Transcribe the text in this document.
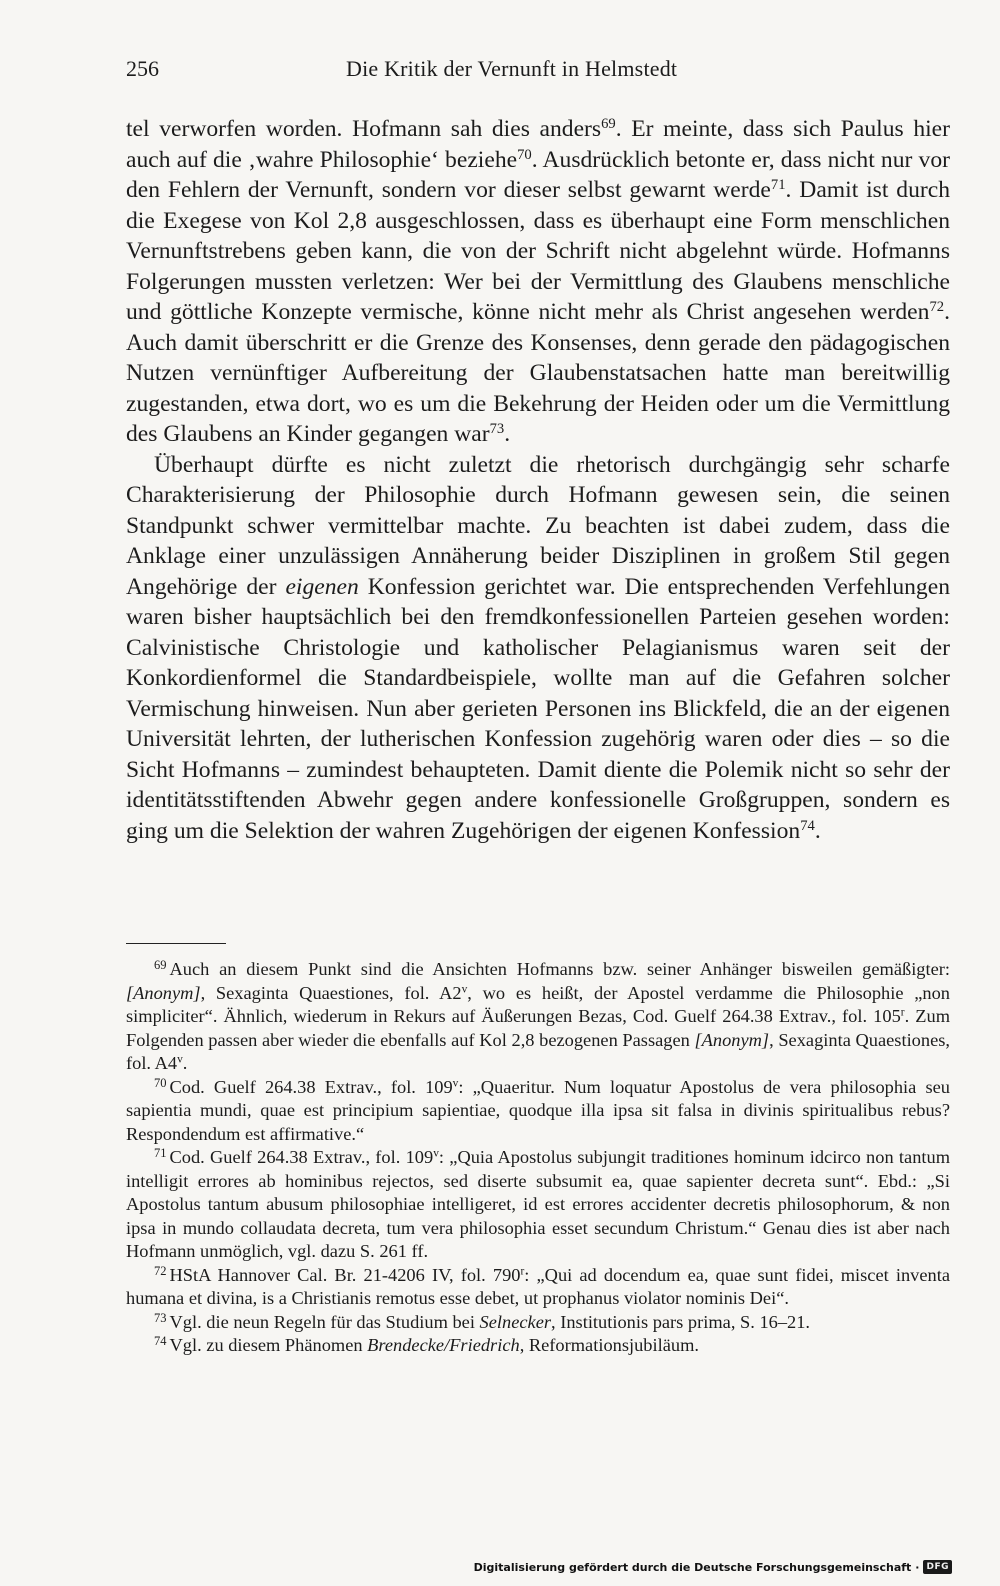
256	Die Kritik der Vernunft in Helmstedt

tel verworfen worden. Hofmann sah dies anders$^{69}$. Er meinte, dass sich Paulus hier auch auf die ‚wahre Philosophie‘ beziehe$^{70}$. Ausdrücklich betonte er, dass nicht nur vor den Fehlern der Vernunft, sondern vor dieser selbst gewarnt werde$^{71}$. Damit ist durch die Exegese von Kol 2,8 ausgeschlossen, dass es überhaupt eine Form menschlichen Vernunftstrebens geben kann, die von der Schrift nicht abgelehnt würde. Hofmanns Folgerungen mussten verletzen: Wer bei der Vermittlung des Glaubens menschliche und göttliche Konzepte vermische, könne nicht mehr als Christ angesehen werden$^{72}$. Auch damit überschritt er die Grenze des Konsenses, denn gerade den pädagogischen Nutzen vernünftiger Aufbereitung der Glaubenstatsachen hatte man bereitwillig zugestanden, etwa dort, wo es um die Bekehrung der Heiden oder um die Vermittlung des Glaubens an Kinder gegangen war$^{73}$.

Überhaupt dürfte es nicht zuletzt die rhetorisch durchgängig sehr scharfe Charakterisierung der Philosophie durch Hofmann gewesen sein, die seinen Standpunkt schwer vermittelbar machte. Zu beachten ist dabei zudem, dass die Anklage einer unzulässigen Annäherung beider Disziplinen in großem Stil gegen Angehörige der eigenen Konfession gerichtet war. Die entsprechenden Verfehlungen waren bisher hauptsächlich bei den fremdkonfessionellen Parteien gesehen worden: Calvinistische Christologie und katholischer Pelagianismus waren seit der Konkordienformel die Standardbeispiele, wollte man auf die Gefahren solcher Vermischung hinweisen. Nun aber gerieten Personen ins Blickfeld, die an der eigenen Universität lehrten, der lutherischen Konfession zugehörig waren oder dies – so die Sicht Hofmanns – zumindest behaupteten. Damit diente die Polemik nicht so sehr der identitätsstiftenden Abwehr gegen andere konfessionelle Großgruppen, sondern es ging um die Selektion der wahren Zugehörigen der eigenen Konfession$^{74}$.

$^{69}$ Auch an diesem Punkt sind die Ansichten Hofmanns bzw. seiner Anhänger bisweilen gemäßigter: [Anonym], Sexaginta Quaestiones, fol. A2$^v$, wo es heißt, der Apostel verdamme die Philosophie „non simpliciter“. Ähnlich, wiederum in Rekurs auf Äußerungen Bezas, Cod. Guelf 264.38 Extrav., fol. 105$^r$. Zum Folgenden passen aber wieder die ebenfalls auf Kol 2,8 bezogenen Passagen [Anonym], Sexaginta Quaestiones, fol. A4$^v$.

$^{70}$ Cod. Guelf 264.38 Extrav., fol. 109$^v$: „Quaeritur. Num loquatur Apostolus de vera philosophia seu sapientia mundi, quae est principium sapientiae, quodque illa ipsa sit falsa in divinis spiritualibus rebus? Respondendum est affirmative.“

$^{71}$ Cod. Guelf 264.38 Extrav., fol. 109$^v$: „Quia Apostolus subjungit traditiones hominum idcirco non tantum intelligit errores ab hominibus rejectos, sed diserte subsumit ea, quae sapienter decreta sunt“. Ebd.: „Si Apostolus tantum abusum philosophiae intelligeret, id est errores accidenter decretis philosophorum, & non ipsa in mundo collaudata decreta, tum vera philosophia esset secundum Christum.“ Genau dies ist aber nach Hofmann unmöglich, vgl. dazu S. 261 ff.

$^{72}$ HStA Hannover Cal. Br. 21-4206 IV, fol. 790$^r$: „Qui ad docendum ea, quae sunt fidei, miscet inventa humana et divina, is a Christianis remotus esse debet, ut prophanus violator nominis Dei“.

$^{73}$ Vgl. die neun Regeln für das Studium bei Selnecker, Institutionis pars prima, S. 16–21.

$^{74}$ Vgl. zu diesem Phänomen Brendecke/Friedrich, Reformationsjubiläum.

Digitalisierung gefördert durch die Deutsche Forschungsgemeinschaft · DFG
